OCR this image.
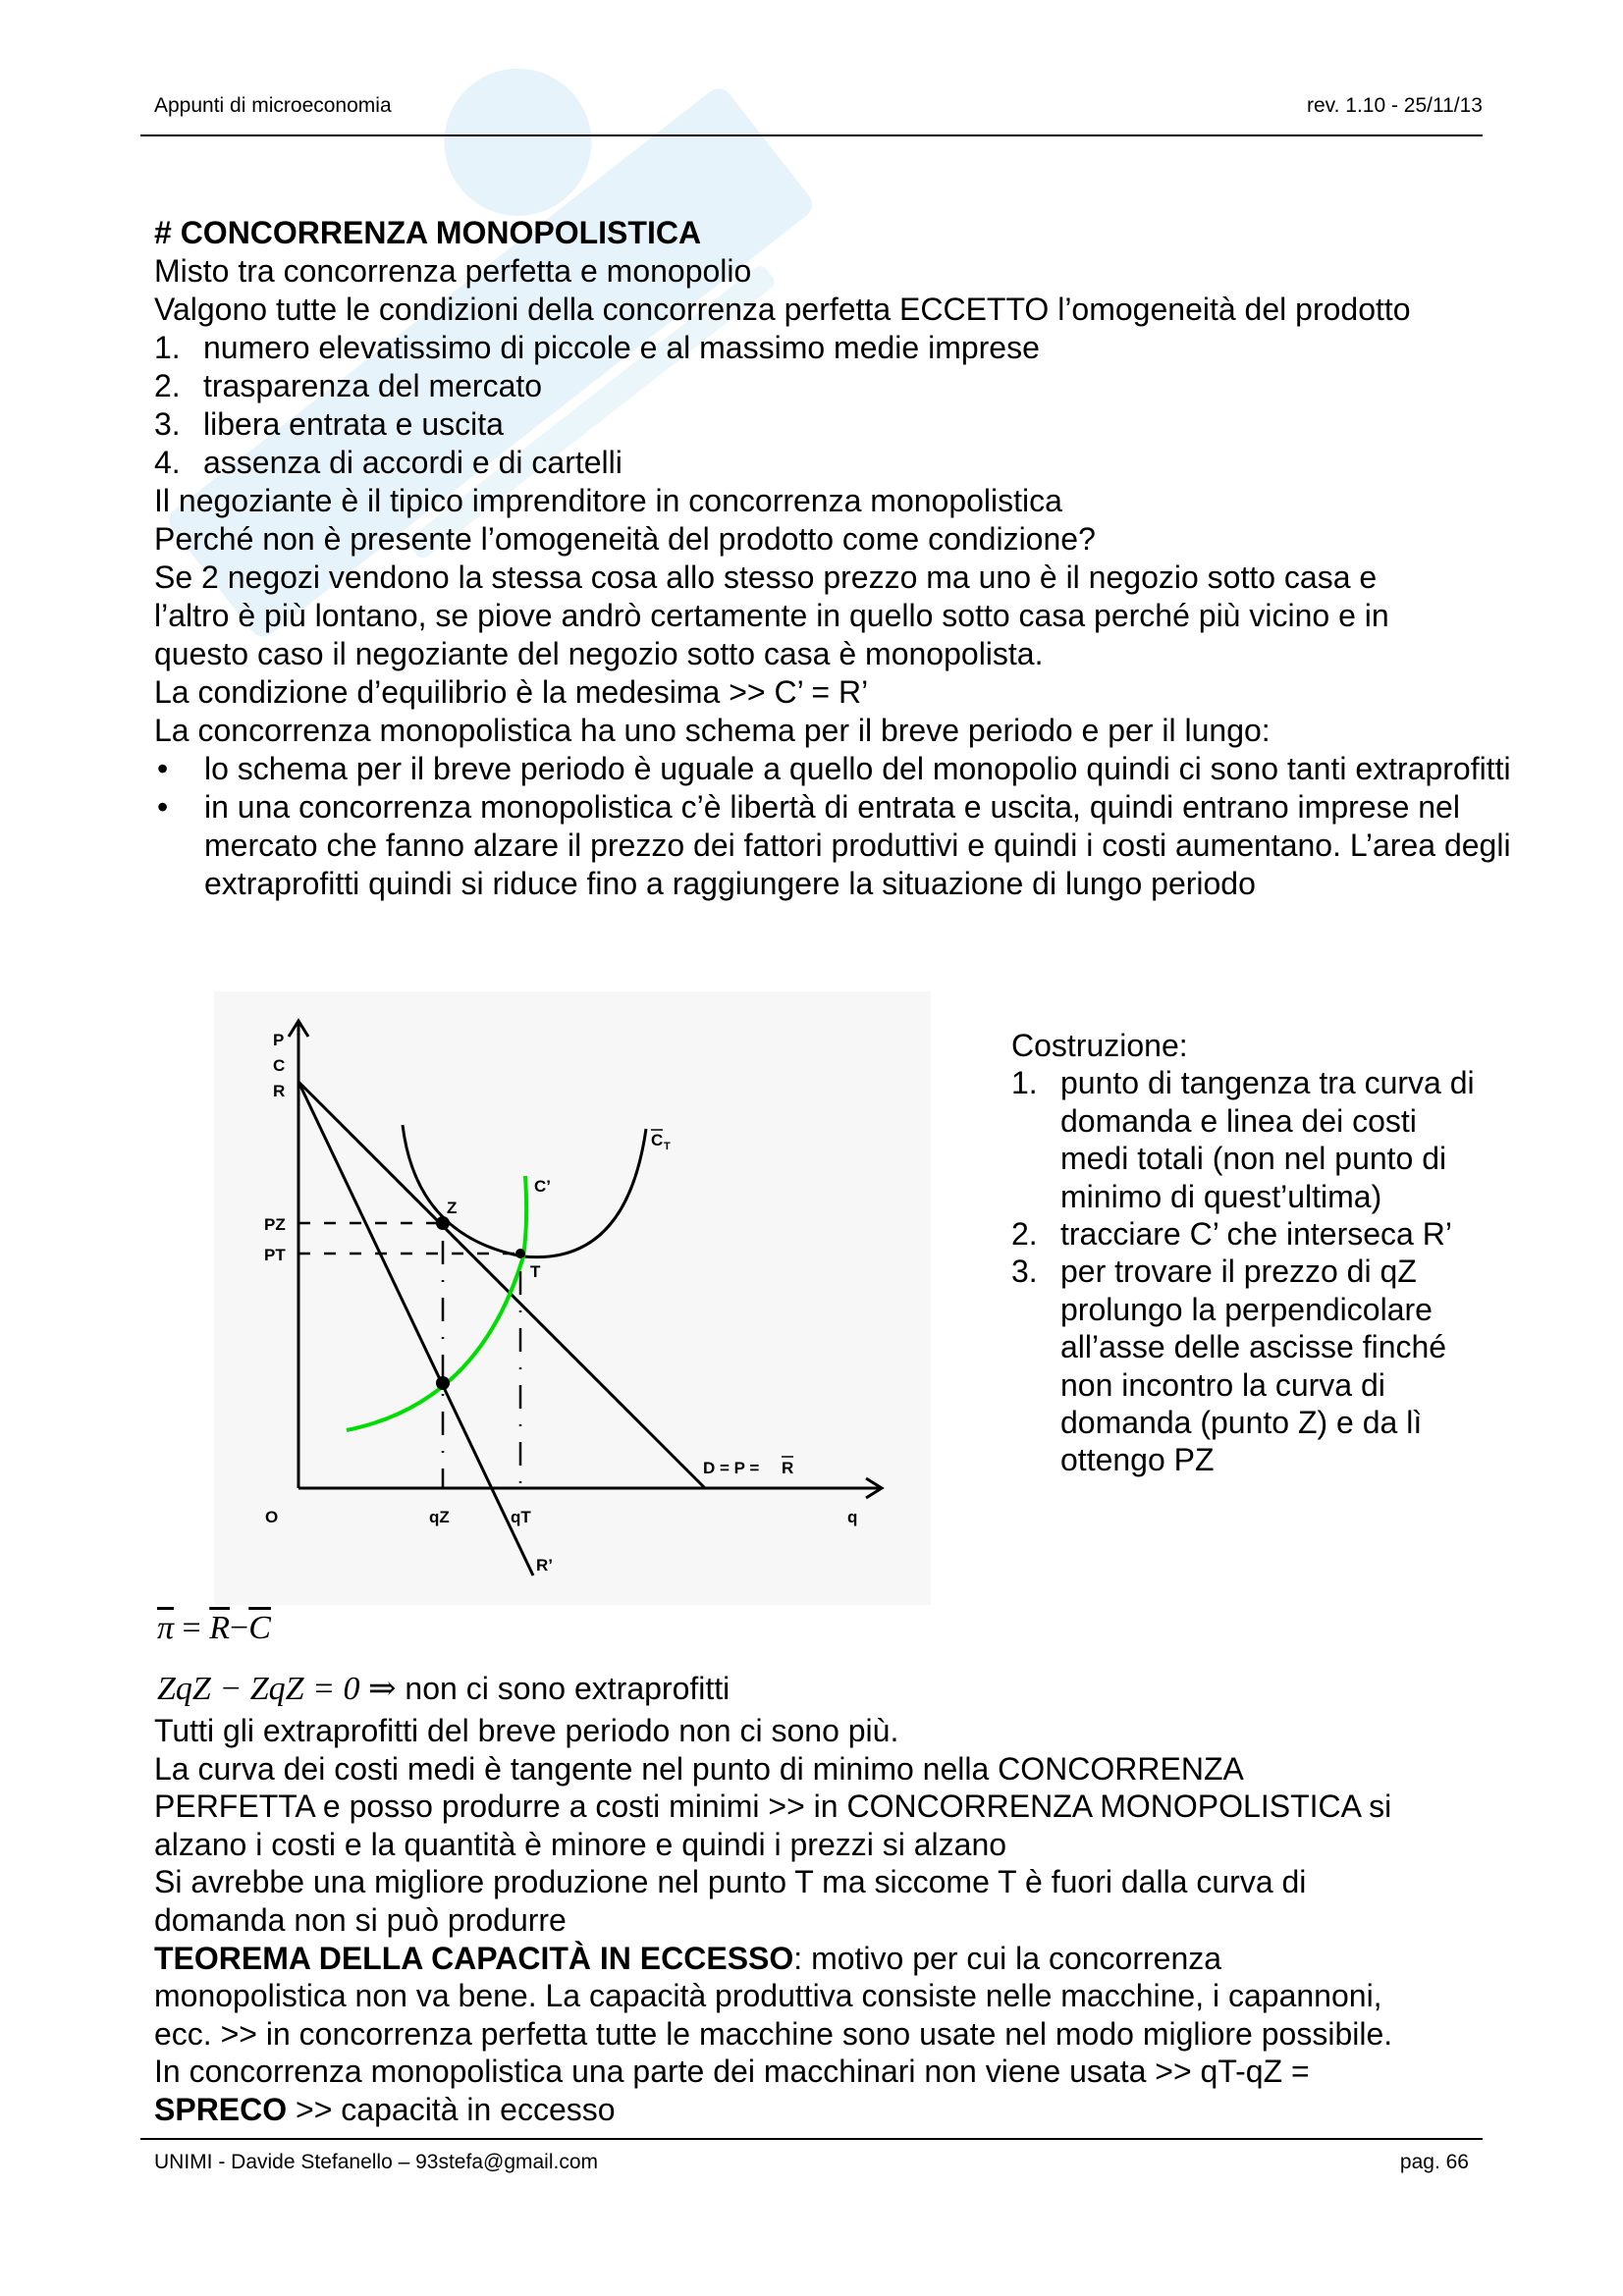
Appunti di microeconomia	rev. 1.10 - 25/11/13
# CONCORRENZA MONOPOLISTICA
Misto tra concorrenza perfetta e monopolio
Valgono tutte le condizioni della concorrenza perfetta ECCETTO l’omogeneità del prodotto
1. numero elevatissimo di piccole e al massimo medie imprese
2. trasparenza del mercato
3. libera entrata e uscita
4. assenza di accordi e di cartelli
Il negoziante è il tipico imprenditore in concorrenza monopolistica
Perché non è presente l’omogeneità del prodotto come condizione?
Se 2 negozi vendono la stessa cosa allo stesso prezzo ma uno è il negozio sotto casa e
l’altro è più lontano, se piove andrò certamente in quello sotto casa perché più vicino e in
questo caso il negoziante del negozio sotto casa è monopolista.
La condizione d’equilibrio è la medesima >> C’ = R’
La concorrenza monopolistica ha uno schema per il breve periodo e per il lungo:
•	lo schema per il breve periodo è uguale a quello del monopolio quindi ci sono tanti extraprofitti
•	in una concorrenza monopolistica c’è libertà di entrata e uscita, quindi entrano imprese nel mercato che fanno alzare il prezzo dei fattori produttivi e quindi i costi aumentano. L’area degli extraprofitti quindi si riduce fino a raggiungere la situazione di lungo periodo
P
C
R
O	q
Z
T
PZ
PT
qZ	qT
C’
R’
C T
D = P = R
Costruzione:
1. punto di tangenza tra curva di domanda e linea dei costi medi totali (non nel punto di minimo di quest’ultima)
2. tracciare C’ che interseca R’
3. per trovare il prezzo di qZ prolungo la perpendicolare all’asse delle ascisse finché non incontro la curva di domanda (punto Z) e da lì ottengo PZ
$\overline{\pi} = \overline{R}-\overline{C}$
ZqZ − ZqZ = 0 ⇒ non ci sono extraprofitti
Tutti gli extraprofitti del breve periodo non ci sono più.
La curva dei costi medi è tangente nel punto di minimo nella CONCORRENZA
PERFETTA e posso produrre a costi minimi >> in CONCORRENZA MONOPOLISTICA si
alzano i costi e la quantità è minore e quindi i prezzi si alzano
Si avrebbe una migliore produzione nel punto T ma siccome T è fuori dalla curva di
domanda non si può produrre
TEOREMA DELLA CAPACITÀ IN ECCESSO: motivo per cui la concorrenza
monopolistica non va bene. La capacità produttiva consiste nelle macchine, i capannoni,
ecc. >> in concorrenza perfetta tutte le macchine sono usate nel modo migliore possibile.
In concorrenza monopolistica una parte dei macchinari non viene usata >> qT-qZ =
SPRECO >> capacità in eccesso
UNIMI - Davide Stefanello – 93stefa@gmail.com	pag. 66
